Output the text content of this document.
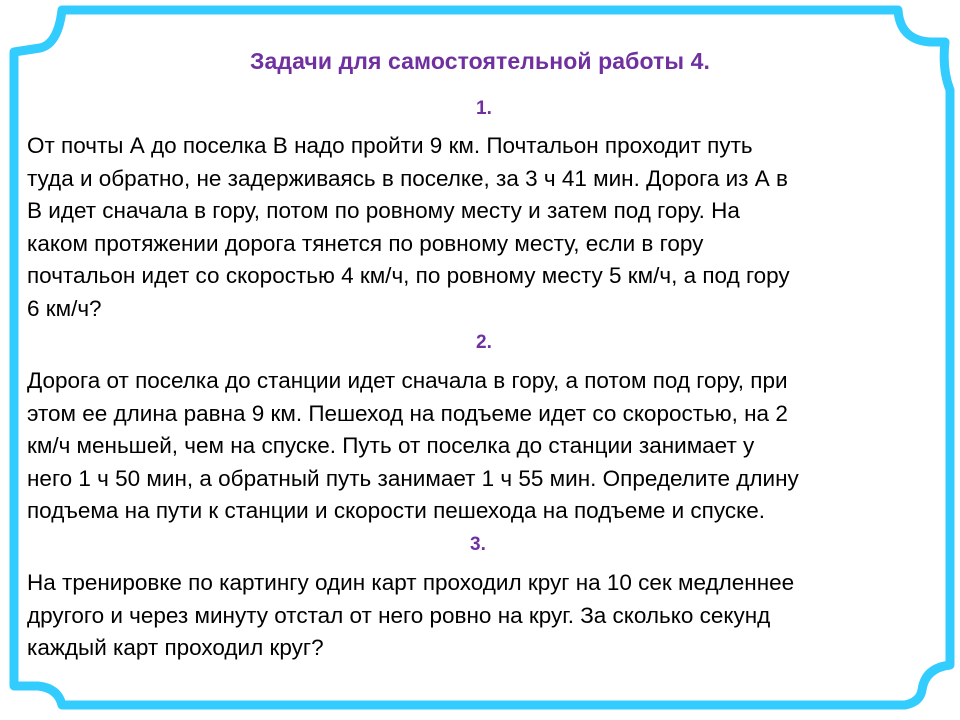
Задачи для самостоятельной работы 4.
1.

От почты А до поселка В надо пройти 9 км. Почтальон проходит путь
туда и обратно, не задерживаясь в поселке, за 3 ч 41 мин. Дорога из А в
В идет сначала в гору, потом по ровному месту и затем под гору. На
каком протяжении дорога тянется по ровному месту, если в гору
почтальон идет со скоростью 4 км/ч, по ровному месту 5 км/ч, а под гору
6 км/ч?

2.

Дорога от поселка до станции идет сначала в гору, а потом под гору, при
этом ее длина равна 9 км. Пешеход на подъеме идет со скоростью, на 2
км/ч меньшей, чем на спуске. Путь от поселка до станции занимает у
него 1 ч 50 мин, а обратный путь занимает 1 ч 55 мин. Определите длину
подъема на пути к станции и скорости пешехода на подъеме и спуске.

3.

На тренировке по картингу один карт проходил круг на 10 сек медленнее
другого и через минуту отстал от него ровно на круг. За сколько секунд
каждый карт проходил круг?
